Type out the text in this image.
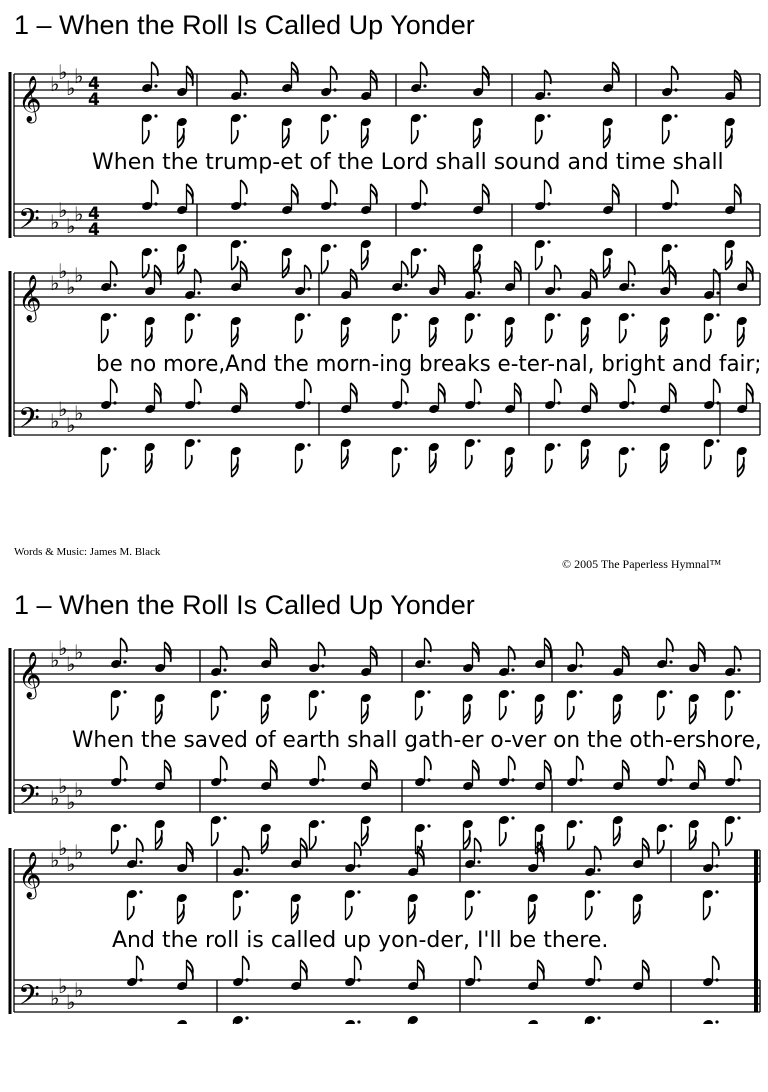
1 – When the Roll Is Called Up Yonder
𝄞
𝄢
♭
♭
♭
♭
♭
♭
♭
♭
4
4
4
4
𝄞
𝄢
♭
♭
♭
♭
♭
♭
♭
♭
When the trump-et of the Lord shall sound and time shall
be no more,And the morn-ing breaks e-ter-nal, bright and fair;
Words & Music: James M. Black
© 2005 The Paperless Hymnal™
1 – When the Roll Is Called Up Yonder
𝄞
𝄢
♭
♭
♭
♭
♭
♭
♭
♭
𝄞
𝄢
♭
♭
♭
♭
♭
♭
♭
♭
When the saved of earth shall gath-er o-ver on the oth-ershore,
And the roll is called up yon-der, I'll be there.
